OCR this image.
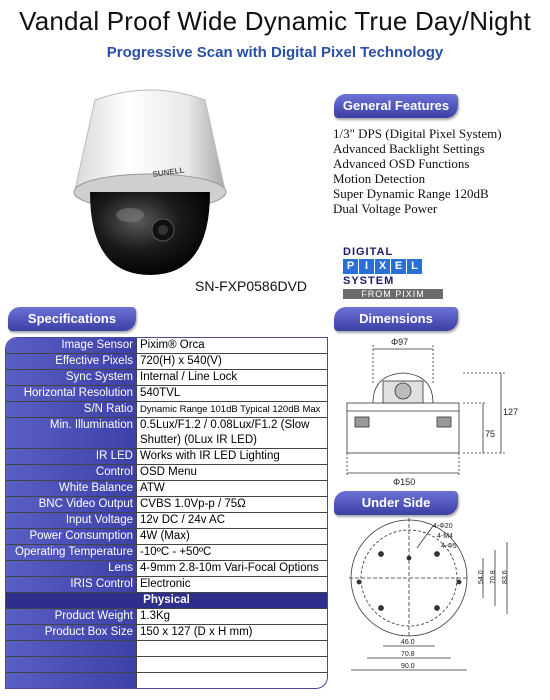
Vandal Proof Wide Dynamic True Day/Night
Progressive Scan with Digital Pixel Technology
SUNELL
SN-FXP0586DVD
General Features
Specifications	Dimensions
Under Side
1/3" DPS (Digital Pixel System)
Advanced Backlight Settings
Advanced OSD Functions
Motion Detection
Super Dynamic Range 120dB
Dual Voltage Power
DIGITAL
P I X E L
SYSTEM
FROM PIXIM
Image Sensor	Pixim® Orca
Effective Pixels	720(H) x 540(V)
Sync System	Internal / Line Lock
Horizontal Resolution	540TVL
S/N Ratio	Dynamic Range 101dB Typical 120dB Max
Min. Illumination	0.5Lux/F1.2 / 0.08Lux/F1.2 (Slow Shutter) (0Lux IR LED)
IR LED	Works with IR LED Lighting
Control	OSD Menu
White Balance	ATW
BNC Video Output	CVBS 1.0Vp-p / 75Ω
Input Voltage	12v DC / 24v AC
Power Consumption	4W (Max)
Operating Temperature	-10ºC - +50ºC
Lens	4-9mm 2.8-10m Vari-Focal Options
IRIS Control	Electronic
Physical	
Product Weight	1.3Kg
Product Box Size	150 x 127 (D x H mm)

Φ97
127
75
Φ150
4-Φ20
4-M4
4-Φ5
54.0 70.8 83.6
46.0
70.8
90.0
